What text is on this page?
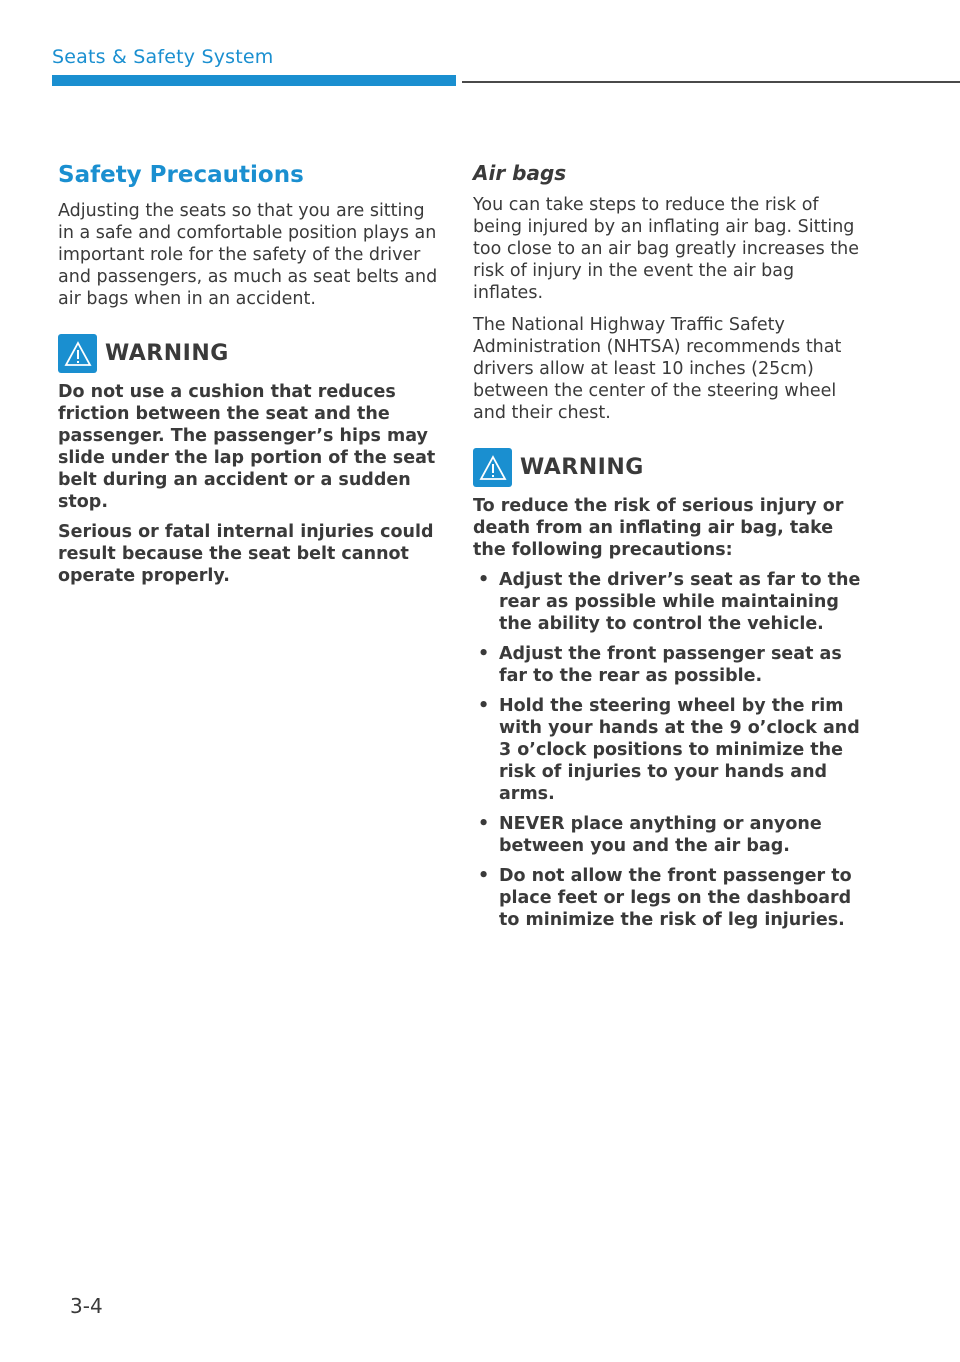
Seats & Safety System
Safety Precautions

Adjusting the seats so that you are sitting in a safe and comfortable position plays an important role for the safety of the driver and passengers, as much as seat belts and air bags when in an accident.

WARNING

Do not use a cushion that reduces friction between the seat and the passenger. The passenger’s hips may slide under the lap portion of the seat belt during an accident or a sudden stop.

Serious or fatal internal injuries could result because the seat belt cannot operate properly.

Air bags

You can take steps to reduce the risk of being injured by an inflating air bag. Sitting too close to an air bag greatly increases the risk of injury in the event the air bag inflates.

The National Highway Traffic Safety Administration (NHTSA) recommends that drivers allow at least 10 inches (25cm) between the center of the steering wheel and their chest.

WARNING

To reduce the risk of serious injury or death from an inflating air bag, take the following precautions:

• Adjust the driver’s seat as far to the rear as possible while maintaining the ability to control the vehicle.
• Adjust the front passenger seat as far to the rear as possible.
• Hold the steering wheel by the rim with your hands at the 9 o’clock and 3 o’clock positions to minimize the risk of injuries to your hands and arms.
• NEVER place anything or anyone between you and the air bag.
• Do not allow the front passenger to place feet or legs on the dashboard to minimize the risk of leg injuries.
3-4
